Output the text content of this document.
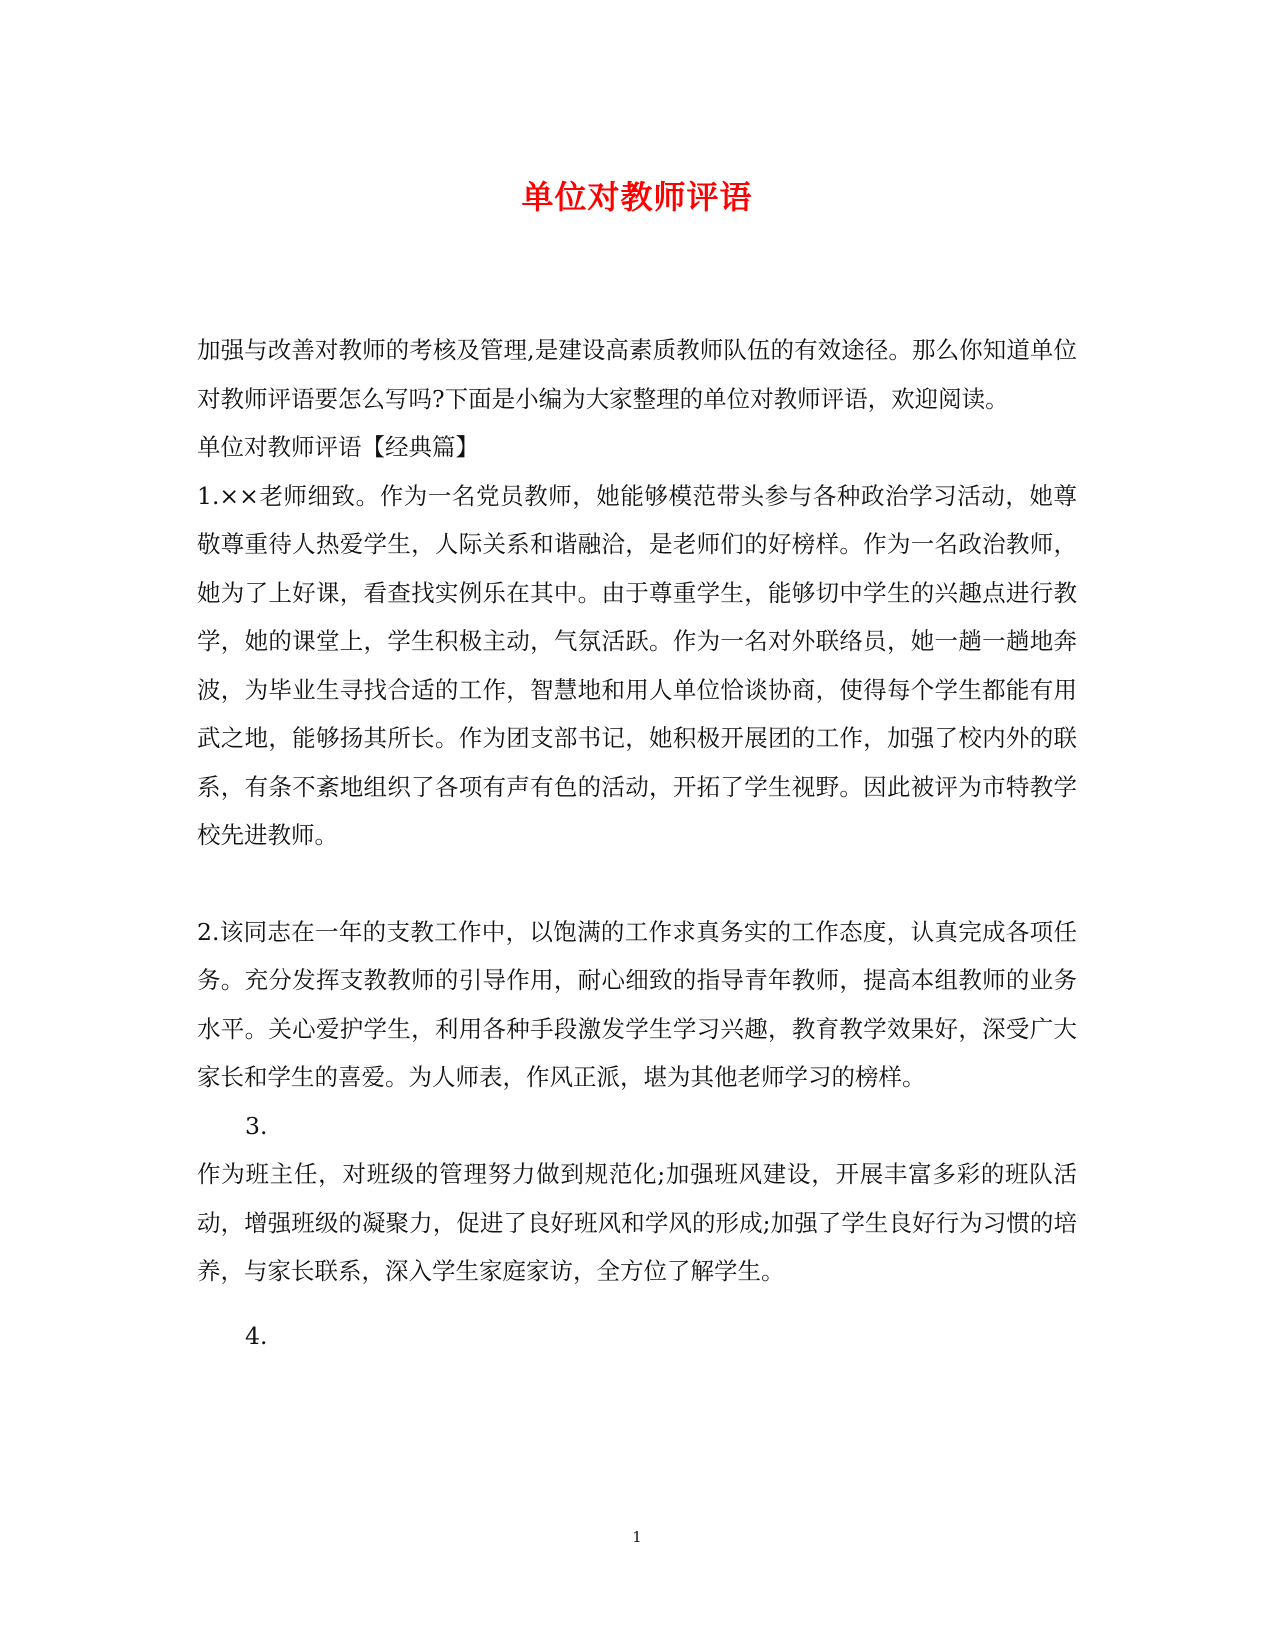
单位对教师评语

加强与改善对教师的考核及管理,是建设高素质教师队伍的有效途径。那么你知道单位对教师评语要怎么写吗?下面是小编为大家整理的单位对教师评语，欢迎阅读。

单位对教师评语【经典篇】

1.××老师细致。作为一名党员教师，她能够模范带头参与各种政治学习活动，她尊敬尊重待人热爱学生，人际关系和谐融洽，是老师们的好榜样。作为一名政治教师，她为了上好课，看查找实例乐在其中。由于尊重学生，能够切中学生的兴趣点进行教学，她的课堂上，学生积极主动，气氛活跃。作为一名对外联络员，她一趟一趟地奔波，为毕业生寻找合适的工作，智慧地和用人单位恰谈协商，使得每个学生都能有用武之地，能够扬其所长。作为团支部书记，她积极开展团的工作，加强了校内外的联系，有条不紊地组织了各项有声有色的活动，开拓了学生视野。因此被评为市特教学校先进教师。

2.该同志在一年的支教工作中，以饱满的工作求真务实的工作态度，认真完成各项任务。充分发挥支教教师的引导作用，耐心细致的指导青年教师，提高本组教师的业务水平。关心爱护学生，利用各种手段激发学生学习兴趣，教育教学效果好，深受广大家长和学生的喜爱。为人师表，作风正派，堪为其他老师学习的榜样。

3.

作为班主任，对班级的管理努力做到规范化;加强班风建设，开展丰富多彩的班队活动，增强班级的凝聚力，促进了良好班风和学风的形成;加强了学生良好行为习惯的培养，与家长联系，深入学生家庭家访，全方位了解学生。

4.

1
